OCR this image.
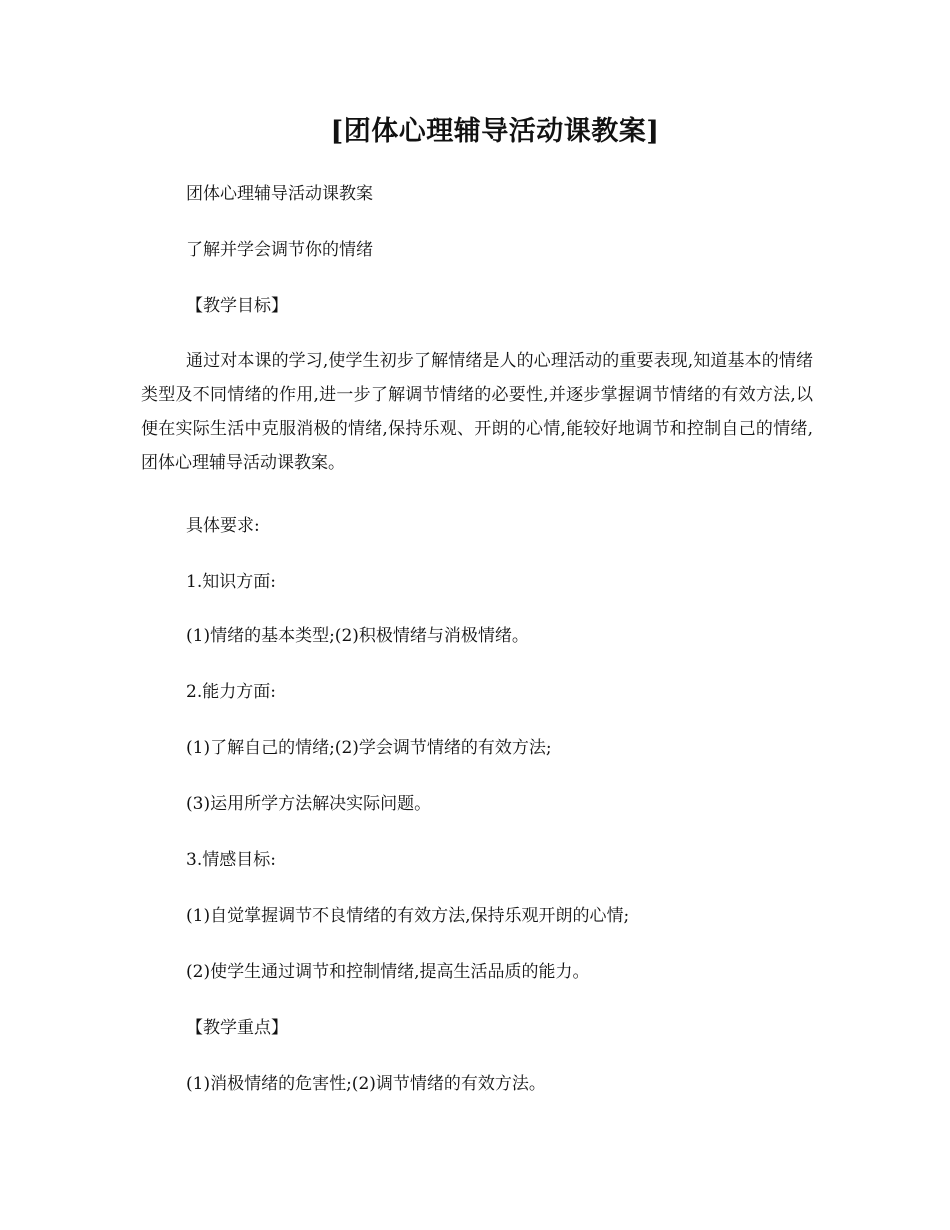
[团体心理辅导活动课教案]
团体心理辅导活动课教案
了解并学会调节你的情绪
【教学目标】
通过对本课的学习,使学生初步了解情绪是人的心理活动的重要表现,知道基本的情绪类型及不同情绪的作用,进一步了解调节情绪的必要性,并逐步掌握调节情绪的有效方法,以便在实际生活中克服消极的情绪,保持乐观、开朗的心情,能较好地调节和控制自己的情绪,团体心理辅导活动课教案。
具体要求:
1.知识方面:
(1)情绪的基本类型;(2)积极情绪与消极情绪。
2.能力方面:
(1)了解自己的情绪;(2)学会调节情绪的有效方法;
(3)运用所学方法解决实际问题。
3.情感目标:
(1)自觉掌握调节不良情绪的有效方法,保持乐观开朗的心情;
(2)使学生通过调节和控制情绪,提高生活品质的能力。
【教学重点】
(1)消极情绪的危害性;(2)调节情绪的有效方法。
